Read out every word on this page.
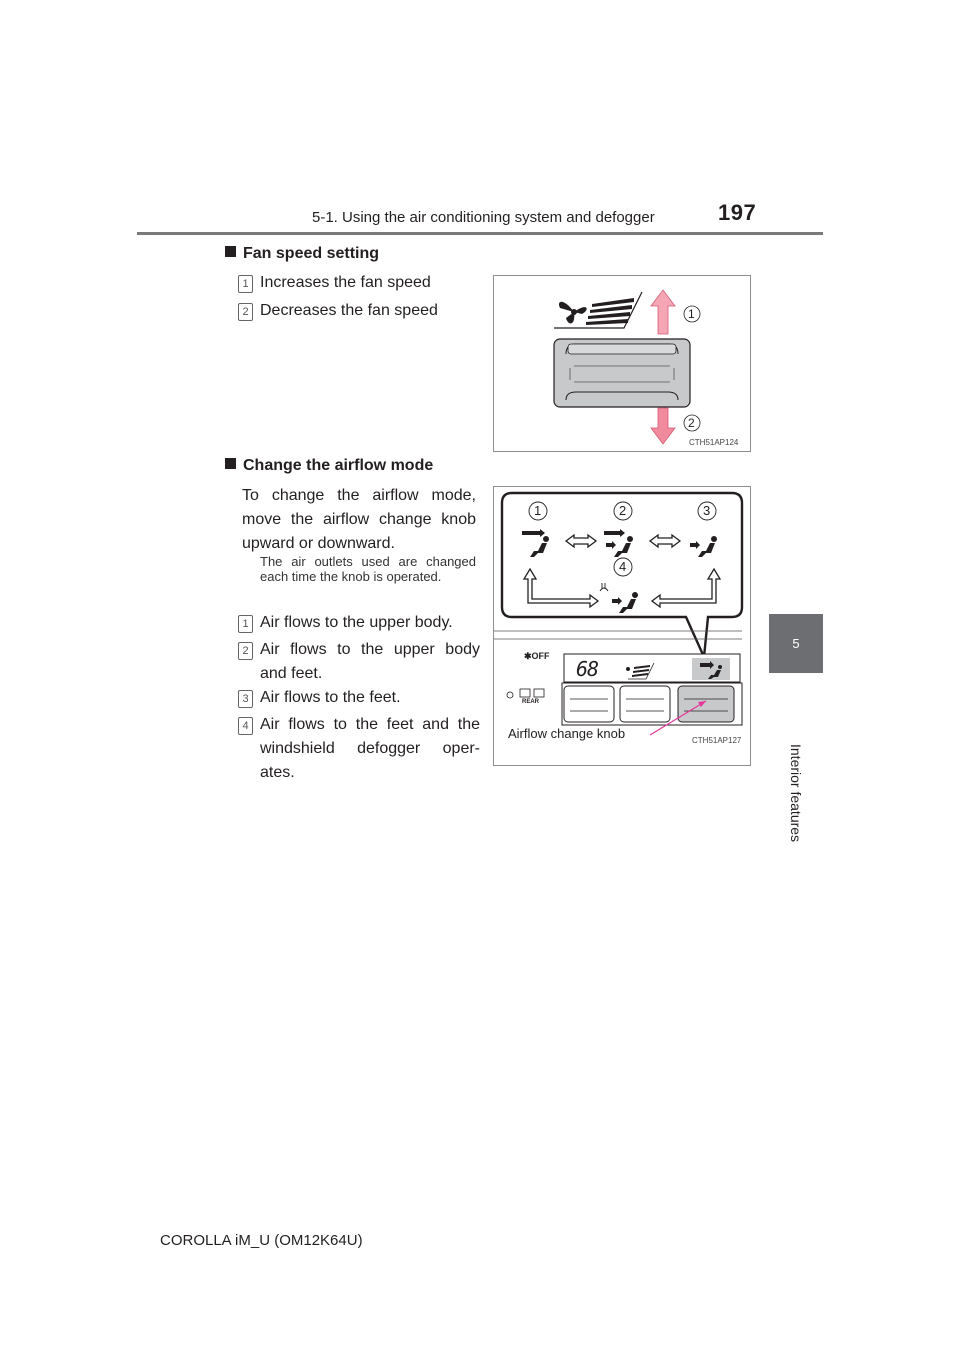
5-1. Using the air conditioning system and defogger	197
5
Interior features
Fan speed setting
1 Increases the fan speed
2 Decreases the fan speed	1
2
CTH51AP124
Change the airflow mode
To change the airflow mode, move the airflow change knob upward or downward.
The air outlets used are changed each time the knob is operated.
1 Air flows to the upper body.
2 Air flows to the upper body
and feet.
3 Air flows to the feet.
4 Air flows to the feet and the
windshield defogger oper-
ates.
1	2	3
4
✱OFF
68
REAR
Airflow change knob	CTH51AP127
COROLLA iM_U (OM12K64U)
